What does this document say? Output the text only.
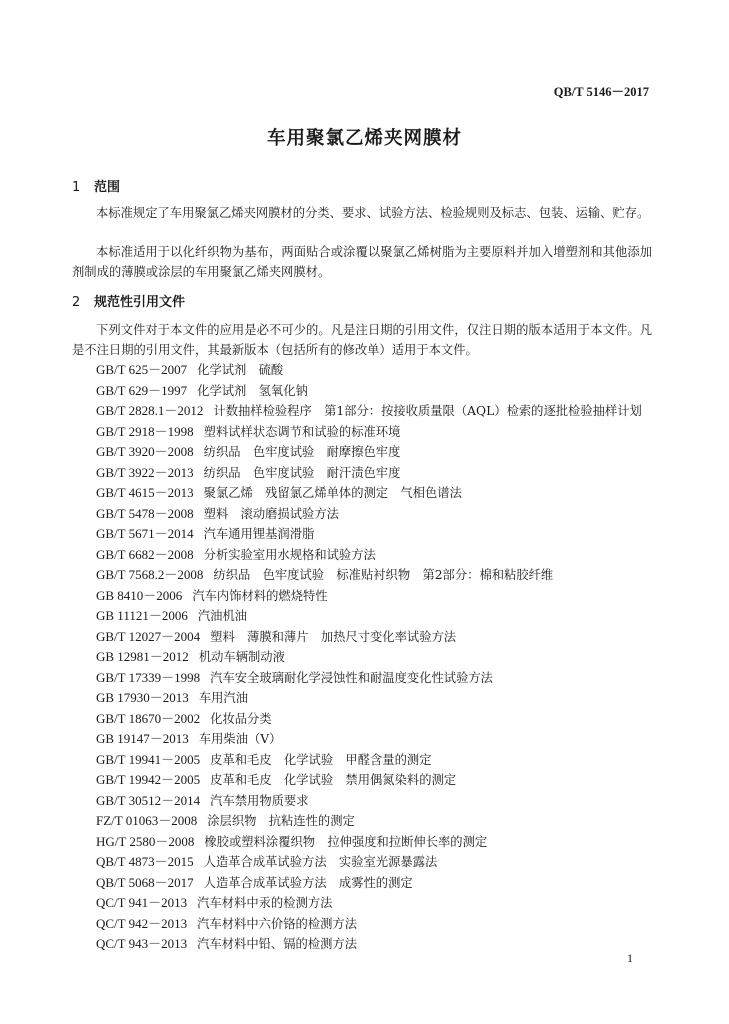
QB/T 5146－2017
车用聚氯乙烯夹网膜材
1 范围

本标准规定了车用聚氯乙烯夹网膜材的分类、要求、试验方法、检验规则及标志、包装、运输、贮存。

本标准适用于以化纤织物为基布，两面贴合或涂覆以聚氯乙烯树脂为主要原料并加入增塑剂和其他添加剂制成的薄膜或涂层的车用聚氯乙烯夹网膜材。

2 规范性引用文件

下列文件对于本文件的应用是必不可少的。凡是注日期的引用文件，仅注日期的版本适用于本文件。凡是不注日期的引用文件，其最新版本（包括所有的修改单）适用于本文件。

GB/T 625－2007 化学试剂　硫酸
GB/T 629－1997 化学试剂　氢氧化钠
GB/T 2828.1－2012 计数抽样检验程序　第1部分：按接收质量限（AQL）检索的逐批检验抽样计划
GB/T 2918－1998 塑料试样状态调节和试验的标准环境
GB/T 3920－2008 纺织品　色牢度试验　耐摩擦色牢度
GB/T 3922－2013 纺织品　色牢度试验　耐汗渍色牢度
GB/T 4615－2013 聚氯乙烯　残留氯乙烯单体的测定　气相色谱法
GB/T 5478－2008 塑料　滚动磨损试验方法
GB/T 5671－2014 汽车通用锂基润滑脂
GB/T 6682－2008 分析实验室用水规格和试验方法
GB/T 7568.2－2008 纺织品　色牢度试验　标准贴衬织物　第2部分：棉和粘胶纤维
GB 8410－2006 汽车内饰材料的燃烧特性
GB 11121－2006 汽油机油
GB/T 12027－2004 塑料　薄膜和薄片　加热尺寸变化率试验方法
GB 12981－2012 机动车辆制动液
GB/T 17339－1998 汽车安全玻璃耐化学浸蚀性和耐温度变化性试验方法
GB 17930－2013 车用汽油
GB/T 18670－2002 化妆品分类
GB 19147－2013 车用柴油（V）
GB/T 19941－2005 皮革和毛皮　化学试验　甲醛含量的测定
GB/T 19942－2005 皮革和毛皮　化学试验　禁用偶氮染料的测定
GB/T 30512－2014 汽车禁用物质要求
FZ/T 01063－2008 涂层织物　抗粘连性的测定
HG/T 2580－2008 橡胶或塑料涂覆织物　拉伸强度和拉断伸长率的测定
QB/T 4873－2015 人造革合成革试验方法　实验室光源暴露法
QB/T 5068－2017 人造革合成革试验方法　成雾性的测定
QC/T 941－2013 汽车材料中汞的检测方法
QC/T 942－2013 汽车材料中六价铬的检测方法
QC/T 943－2013 汽车材料中铅、镉的检测方法
1
